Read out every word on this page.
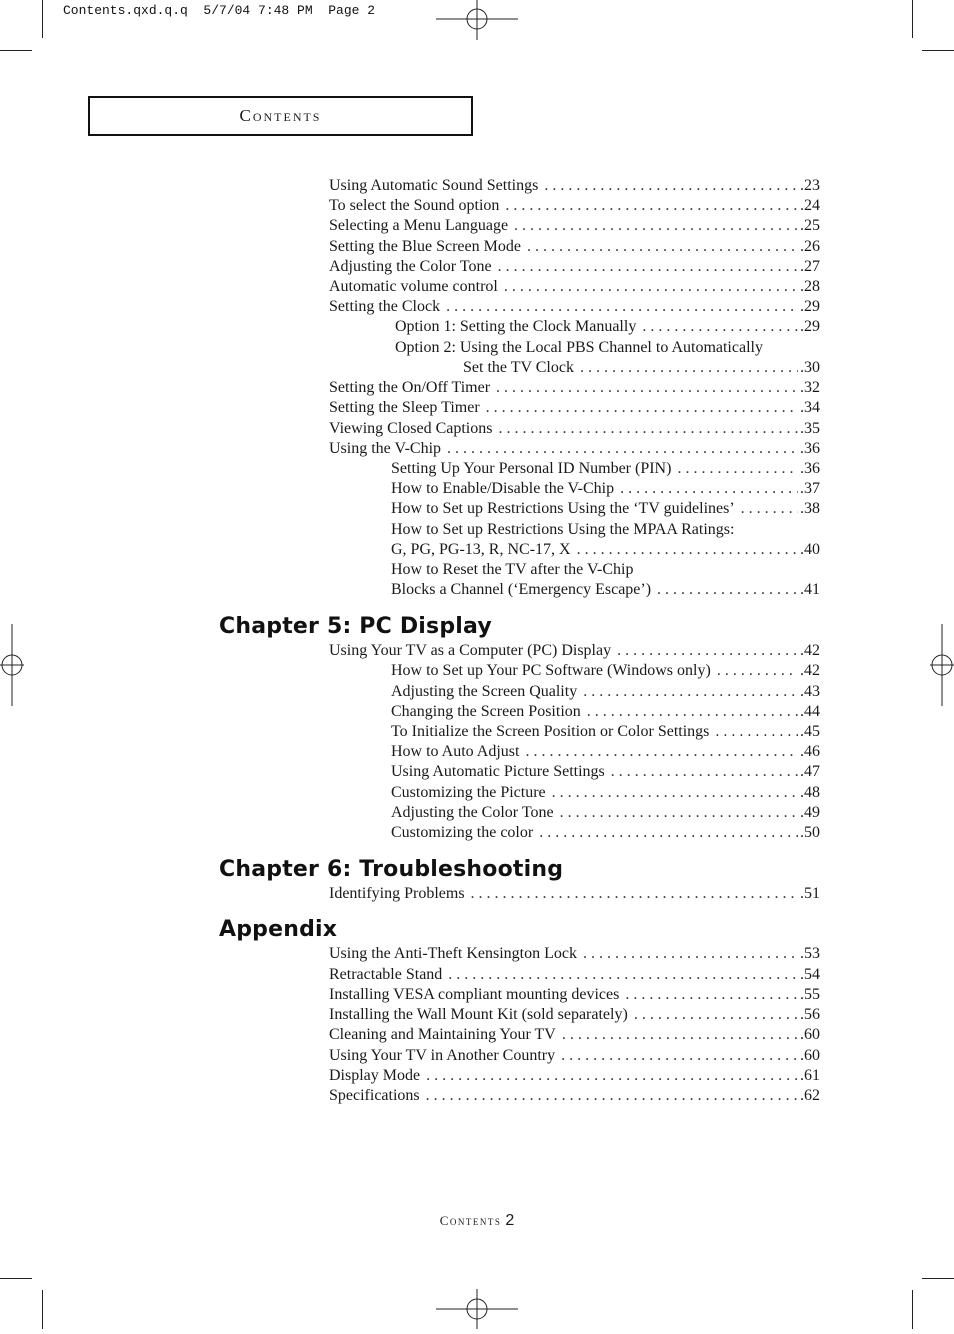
Contents.qxd.q.q  5/7/04 7:48 PM  Page 2
Contents
Using Automatic Sound Settings . . .	.23
To select the Sound option . . .	.24
Selecting a Menu Language . . .	.25
Setting the Blue Screen Mode . . .	.26
Adjusting the Color Tone . . .	.27
Automatic volume control . . .	.28
Setting the Clock . . .	.29
Option 1: Setting the Clock Manually . . .	.29
Option 2: Using the Local PBS Channel to Automatically
Set the TV Clock . . .	.30
Setting the On/Off Timer . . .	.32
Setting the Sleep Timer . . .	.34
Viewing Closed Captions . . .	.35
Using the V-Chip . . .	.36
Setting Up Your Personal ID Number (PIN) . . .	.36
How to Enable/Disable the V-Chip . . .	.37
How to Set up Restrictions Using the ‘TV guidelines’ . . .	.38
How to Set up Restrictions Using the MPAA Ratings:
G, PG, PG-13, R, NC-17, X . . .	.40
How to Reset the TV after the V-Chip
Blocks a Channel (‘Emergency Escape’) . . .	.41
Chapter 5: PC Display
Using Your TV as a Computer (PC) Display . . .	.42
How to Set up Your PC Software (Windows only) . . .	.42
Adjusting the Screen Quality . . .	.43
Changing the Screen Position . . .	.44
To Initialize the Screen Position or Color Settings . . .	.45
How to Auto Adjust . . .	.46
Using Automatic Picture Settings . . .	.47
Customizing the Picture . . .	.48
Adjusting the Color Tone . . .	.49
Customizing the color . . .	.50
Chapter 6: Troubleshooting
Identifying Problems . . .	.51
Appendix
Using the Anti-Theft Kensington Lock . . .	.53
Retractable Stand . . .	.54
Installing VESA compliant mounting devices . . .	.55
Installing the Wall Mount Kit (sold separately) . . .	.56
Cleaning and Maintaining Your TV . . .	.60
Using Your TV in Another Country . . .	.60
Display Mode . . .	.61
Specifications . . .	.62
Contents 2
